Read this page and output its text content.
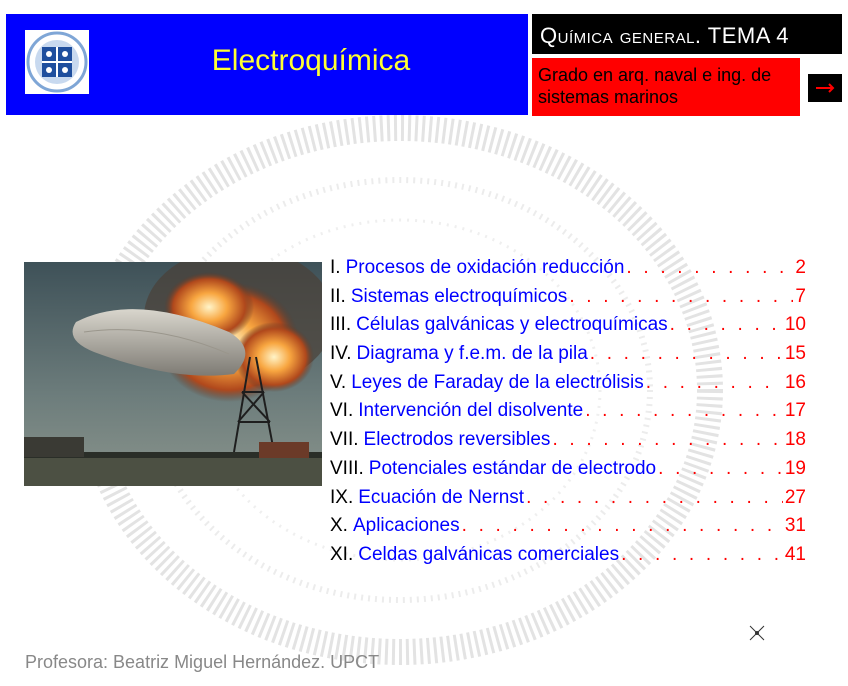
Electroquímica
Química general. TEMA 4
Grado en arq. naval e ing. de sistemas marinos
I. Procesos de oxidación reducción . . .	2
II. Sistemas electroquímicos . . .	7
III. Células galvánicas y electroquímicas . . .	10
IV. Diagrama y f.e.m. de la pila . . .	15
V. Leyes de Faraday de la electrólisis . . .	16
VI. Intervención del disolvente . . .	17
VII. Electrodos reversibles . . .	18
VIII. Potenciales estándar de electrodo . . .	19
IX. Ecuación de Nernst . . .	27
X. Aplicaciones . . .	31
XI. Celdas galvánicas comerciales . . .	41
Profesora: Beatriz Miguel Hernández. UPCT
